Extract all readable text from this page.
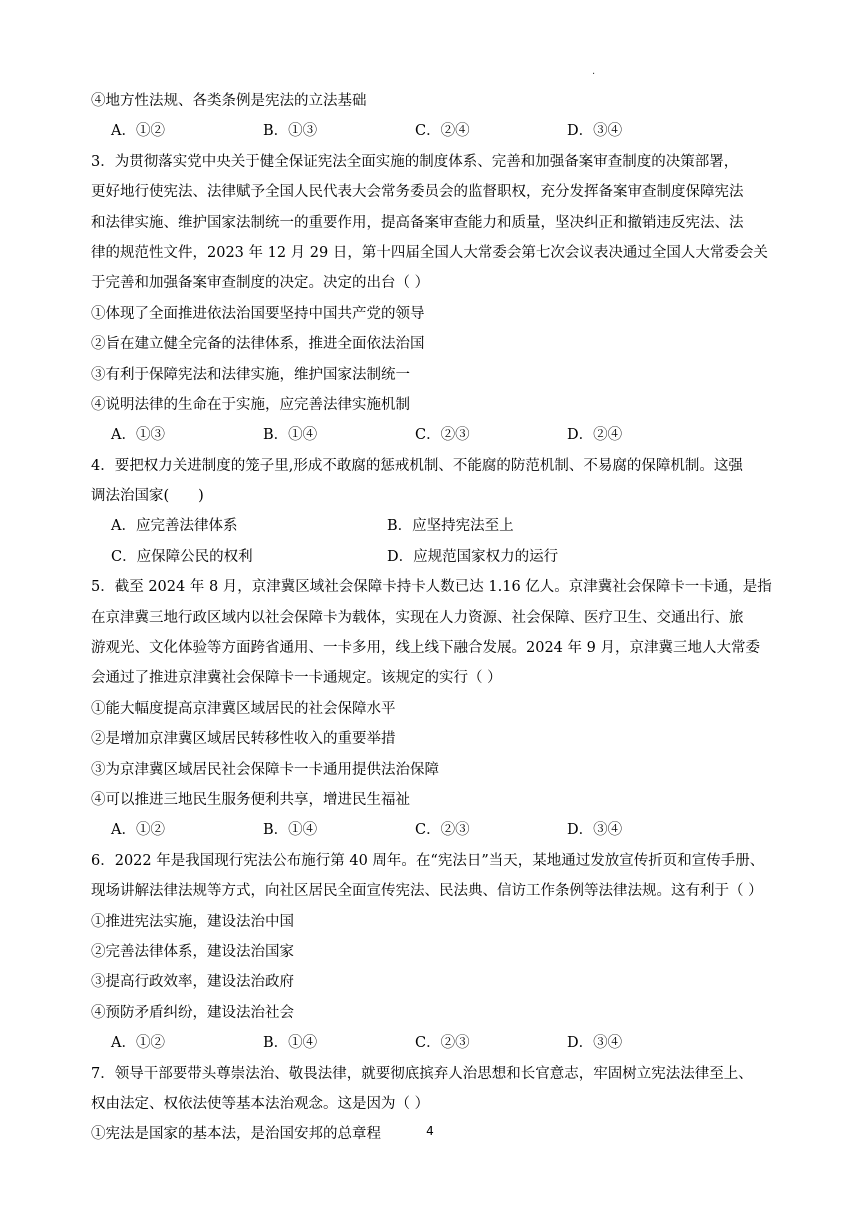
.
④地方性法规、各类条例是宪法的立法基础
A．①②	B．①③	C．②④	D．③④
3．为贯彻落实党中央关于健全保证宪法全面实施的制度体系、完善和加强备案审查制度的决策部署，
更好地行使宪法、法律赋予全国人民代表大会常务委员会的监督职权，充分发挥备案审查制度保障宪法
和法律实施、维护国家法制统一的重要作用，提高备案审查能力和质量，坚决纠正和撤销违反宪法、法
律的规范性文件，2023 年 12 月 29 日，第十四届全国人大常委会第七次会议表决通过全国人大常委会关
于完善和加强备案审查制度的决定。决定的出台（ ）
①体现了全面推进依法治国要坚持中国共产党的领导
②旨在建立健全完备的法律体系，推进全面依法治国
③有利于保障宪法和法律实施，维护国家法制统一
④说明法律的生命在于实施，应完善法律实施机制
A．①③	B．①④	C．②③	D．②④
4．要把权力关进制度的笼子里,形成不敢腐的惩戒机制、不能腐的防范机制、不易腐的保障机制。这强
调法治国家(　　)
A．应完善法律体系	B．应坚持宪法至上
C．应保障公民的权利	D．应规范国家权力的运行
5．截至 2024 年 8 月，京津冀区域社会保障卡持卡人数已达 1.16 亿人。京津冀社会保障卡一卡通，是指
在京津冀三地行政区域内以社会保障卡为载体，实现在人力资源、社会保障、医疗卫生、交通出行、旅
游观光、文化体验等方面跨省通用、一卡多用，线上线下融合发展。2024 年 9 月，京津冀三地人大常委
会通过了推进京津冀社会保障卡一卡通规定。该规定的实行（ ）
①能大幅度提高京津冀区域居民的社会保障水平
②是增加京津冀区域居民转移性收入的重要举措
③为京津冀区域居民社会保障卡一卡通用提供法治保障
④可以推进三地民生服务便利共享，增进民生福祉
A．①②	B．①④	C．②③	D．③④
6．2022 年是我国现行宪法公布施行第 40 周年。在“宪法日”当天，某地通过发放宣传折页和宣传手册、
现场讲解法律法规等方式，向社区居民全面宣传宪法、民法典、信访工作条例等法律法规。这有利于（ ）
①推进宪法实施，建设法治中国
②完善法律体系，建设法治国家
③提高行政效率，建设法治政府
④预防矛盾纠纷，建设法治社会
A．①②	B．①④	C．②③	D．③④
7．领导干部要带头尊崇法治、敬畏法律，就要彻底摈弃人治思想和长官意志，牢固树立宪法法律至上、
权由法定、权依法使等基本法治观念。这是因为（ ）
①宪法是国家的基本法，是治国安邦的总章程	4
